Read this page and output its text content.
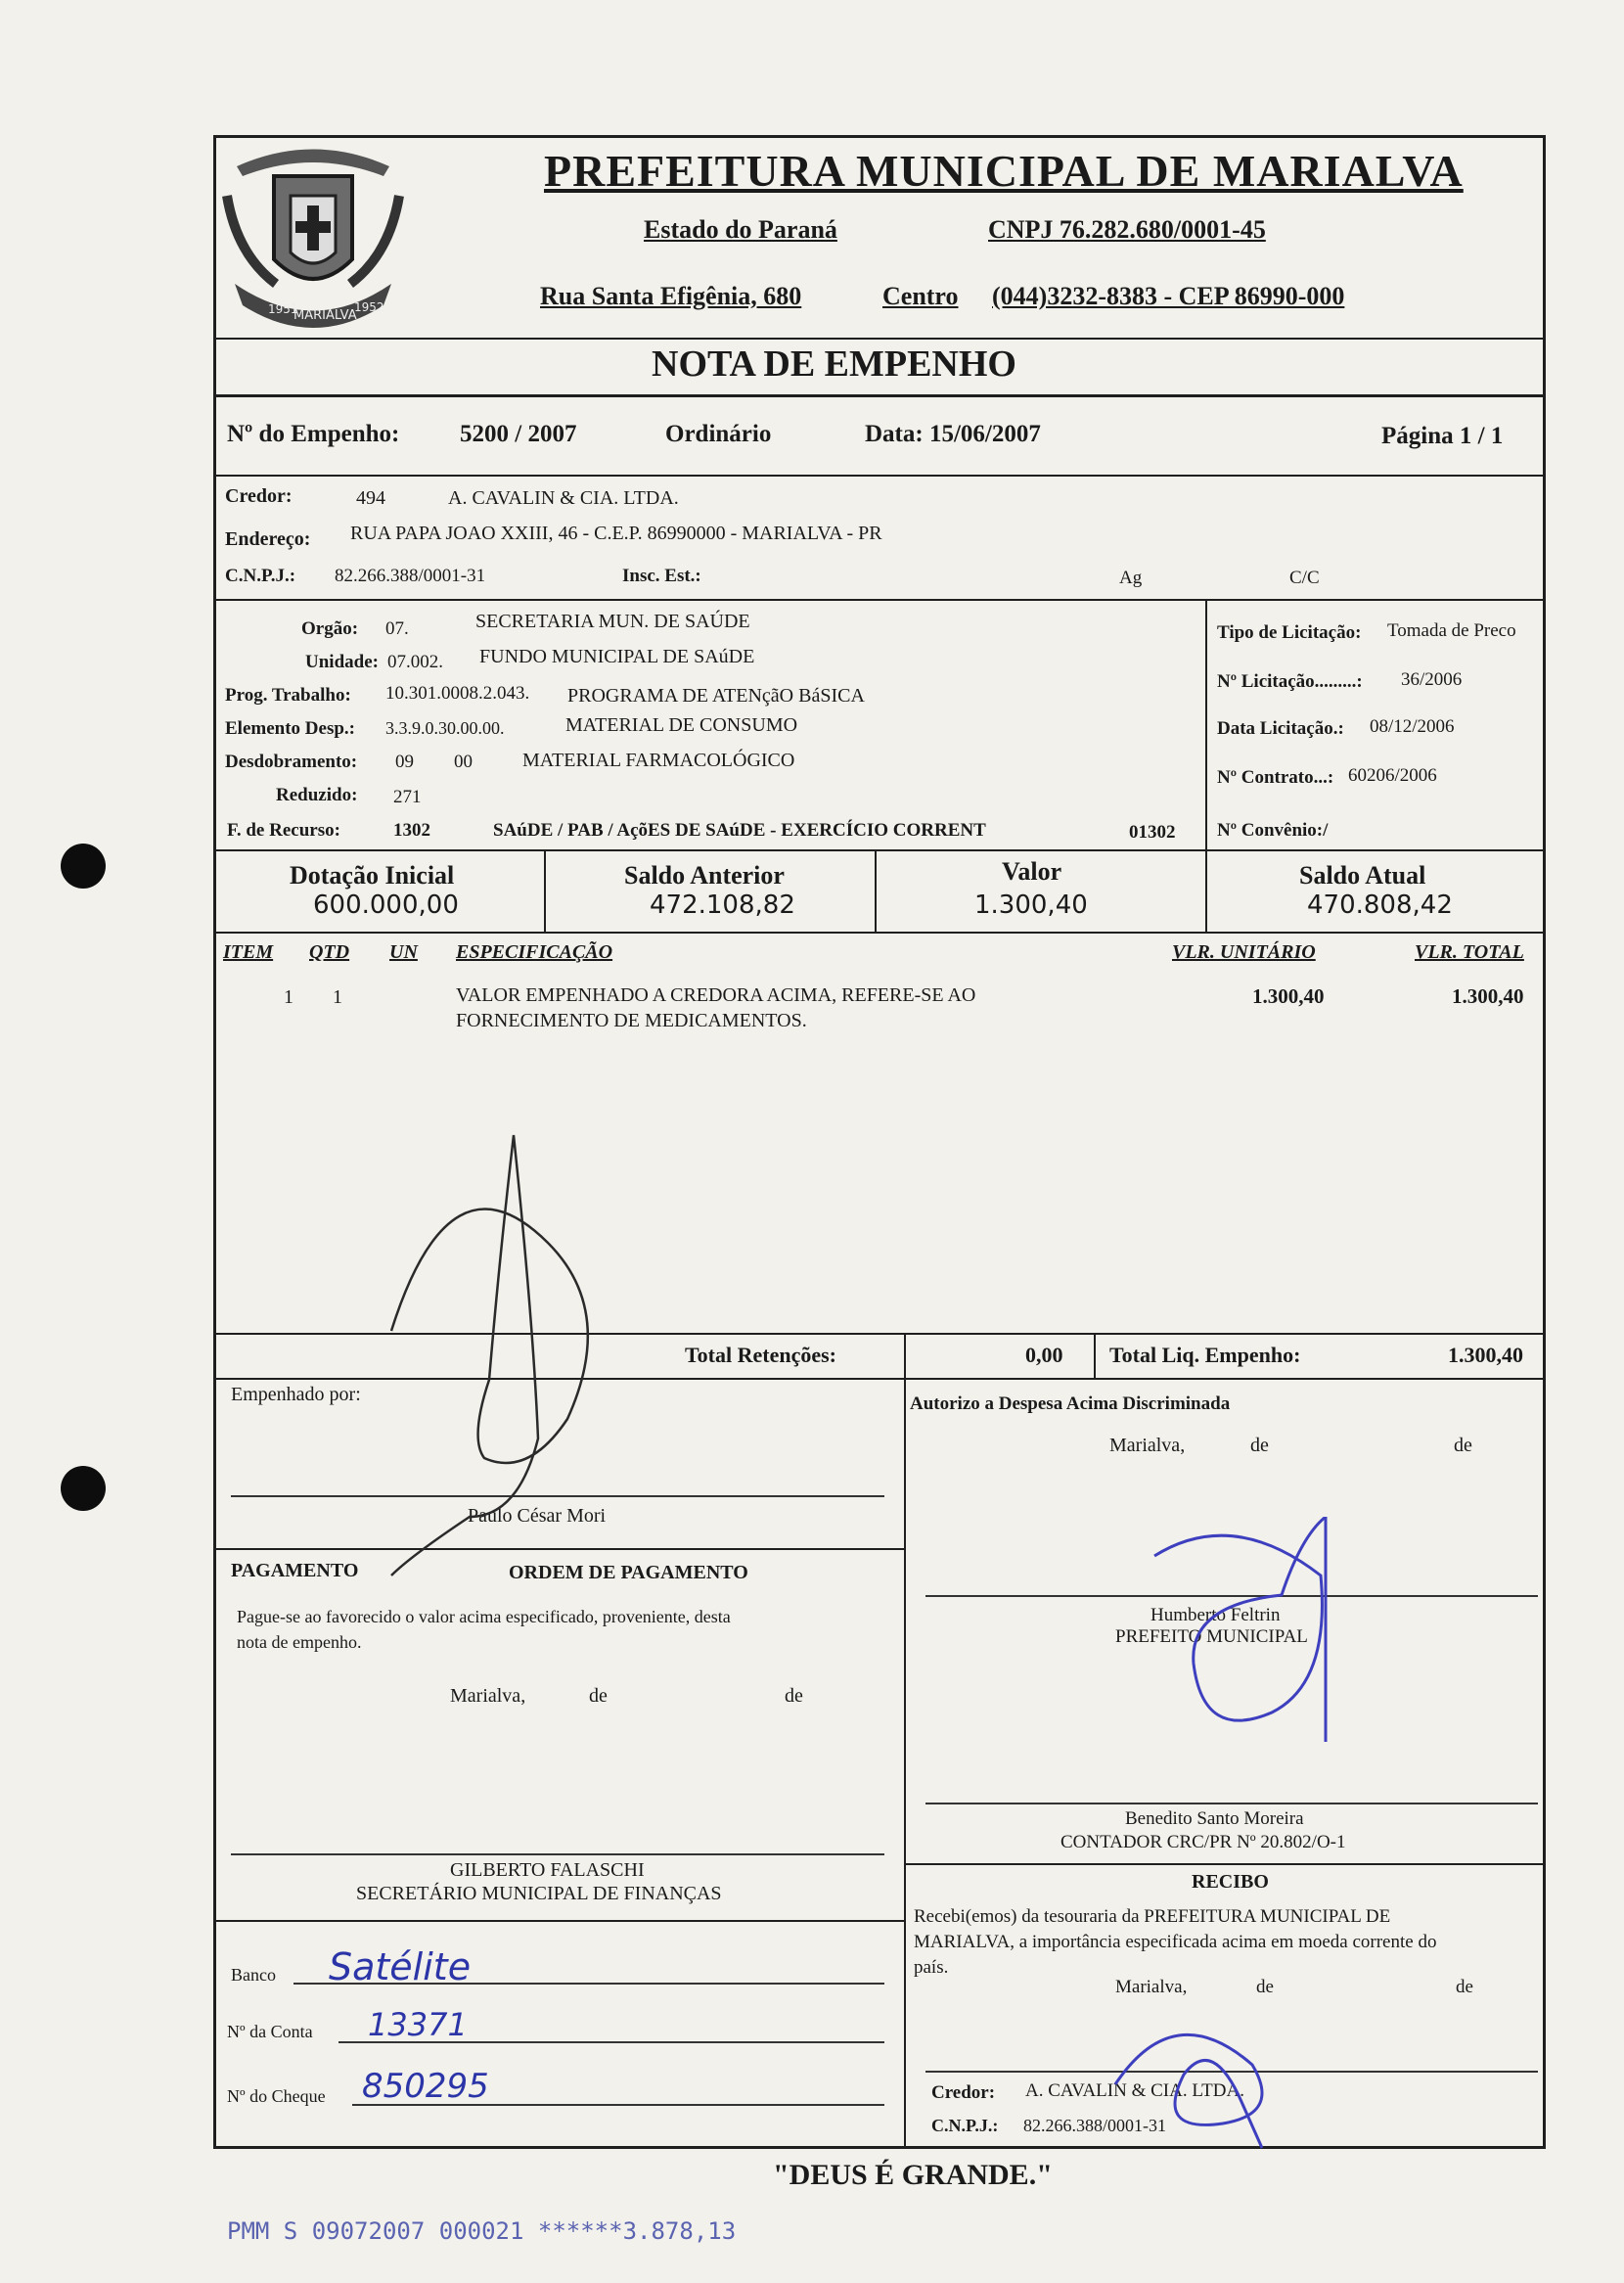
1951
MARIALVA
1952
PREFEITURA MUNICIPAL DE MARIALVA
Estado do Paraná	CNPJ 76.282.680/0001-45
Rua Santa Efigênia, 680	Centro (044)3232-8383 - CEP 86990-000
NOTA DE EMPENHO
Nº do Empenho: 5200 / 2007	Ordinário	Data: 15/06/2007	Página 1 / 1
Credor:	494	A. CAVALIN & CIA. LTDA.
Endereço: RUA PAPA JOAO XXIII, 46 - C.E.P. 86990000 - MARIALVA - PR
C.N.P.J.: 82.266.388/0001-31	Insc. Est.:	Ag	C/C
Orgão: 07.	SECRETARIA MUN. DE SAÚDE
Unidade: 07.002. FUNDO MUNICIPAL DE SAúDE
Prog. Trabalho: 10.301.0008.2.043. PROGRAMA DE ATENçãO BáSICA
Elemento Desp.: 3.3.9.0.30.00.00.	MATERIAL DE CONSUMO
Desdobramento: 09 00	MATERIAL FARMACOLÓGICO
Reduzido: 271
F. de Recurso:	1302	SAúDE / PAB / AçõES DE SAúDE - EXERCÍCIO CORRENT	01302
Tipo de Licitação: Tomada de Preco
Nº Licitação.........: 36/2006
Data Licitação.: 08/12/2006
Nº Contrato...: 60206/2006
Nº Convênio:/
Dotação Inicial
600.000,00
Saldo Anterior
472.108,82
Valor
1.300,40
Saldo Atual
470.808,42
ITEM QTD UN ESPECIFICAÇÃO	VLR. UNITÁRIO	VLR. TOTAL
1 1	VALOR EMPENHADO A CREDORA ACIMA, REFERE-SE AO
FORNECIMENTO DE MEDICAMENTOS.
1.300,40	1.300,40
Total Retenções:	0,00 Total Liq. Empenho:	1.300,40
Empenhado por:
Paulo César Mori
PAGAMENTO	ORDEM DE PAGAMENTO
Pague-se ao favorecido o valor acima especificado, proveniente, desta
nota de empenho.
Marialva,	de	de
GILBERTO FALASCHI
SECRETÁRIO MUNICIPAL DE FINANÇAS
Banco Satélite
Nº da Conta 13371
Nº do Cheque 850295
Autorizo a Despesa Acima Discriminada
Marialva,	de	de
Humberto Feltrin
PREFEITO MUNICIPAL
Benedito Santo Moreira
CONTADOR CRC/PR Nº 20.802/O-1
RECIBO
Recebi(emos) da tesouraria da PREFEITURA MUNICIPAL DE
MARIALVA, a importância especificada acima em moeda corrente do
país.
Marialva,	de	de
Credor: A. CAVALIN & CIA. LTDA.
C.N.P.J.: 82.266.388/0001-31
"DEUS É GRANDE."
PMM S 09072007 000021 ******3.878,13
